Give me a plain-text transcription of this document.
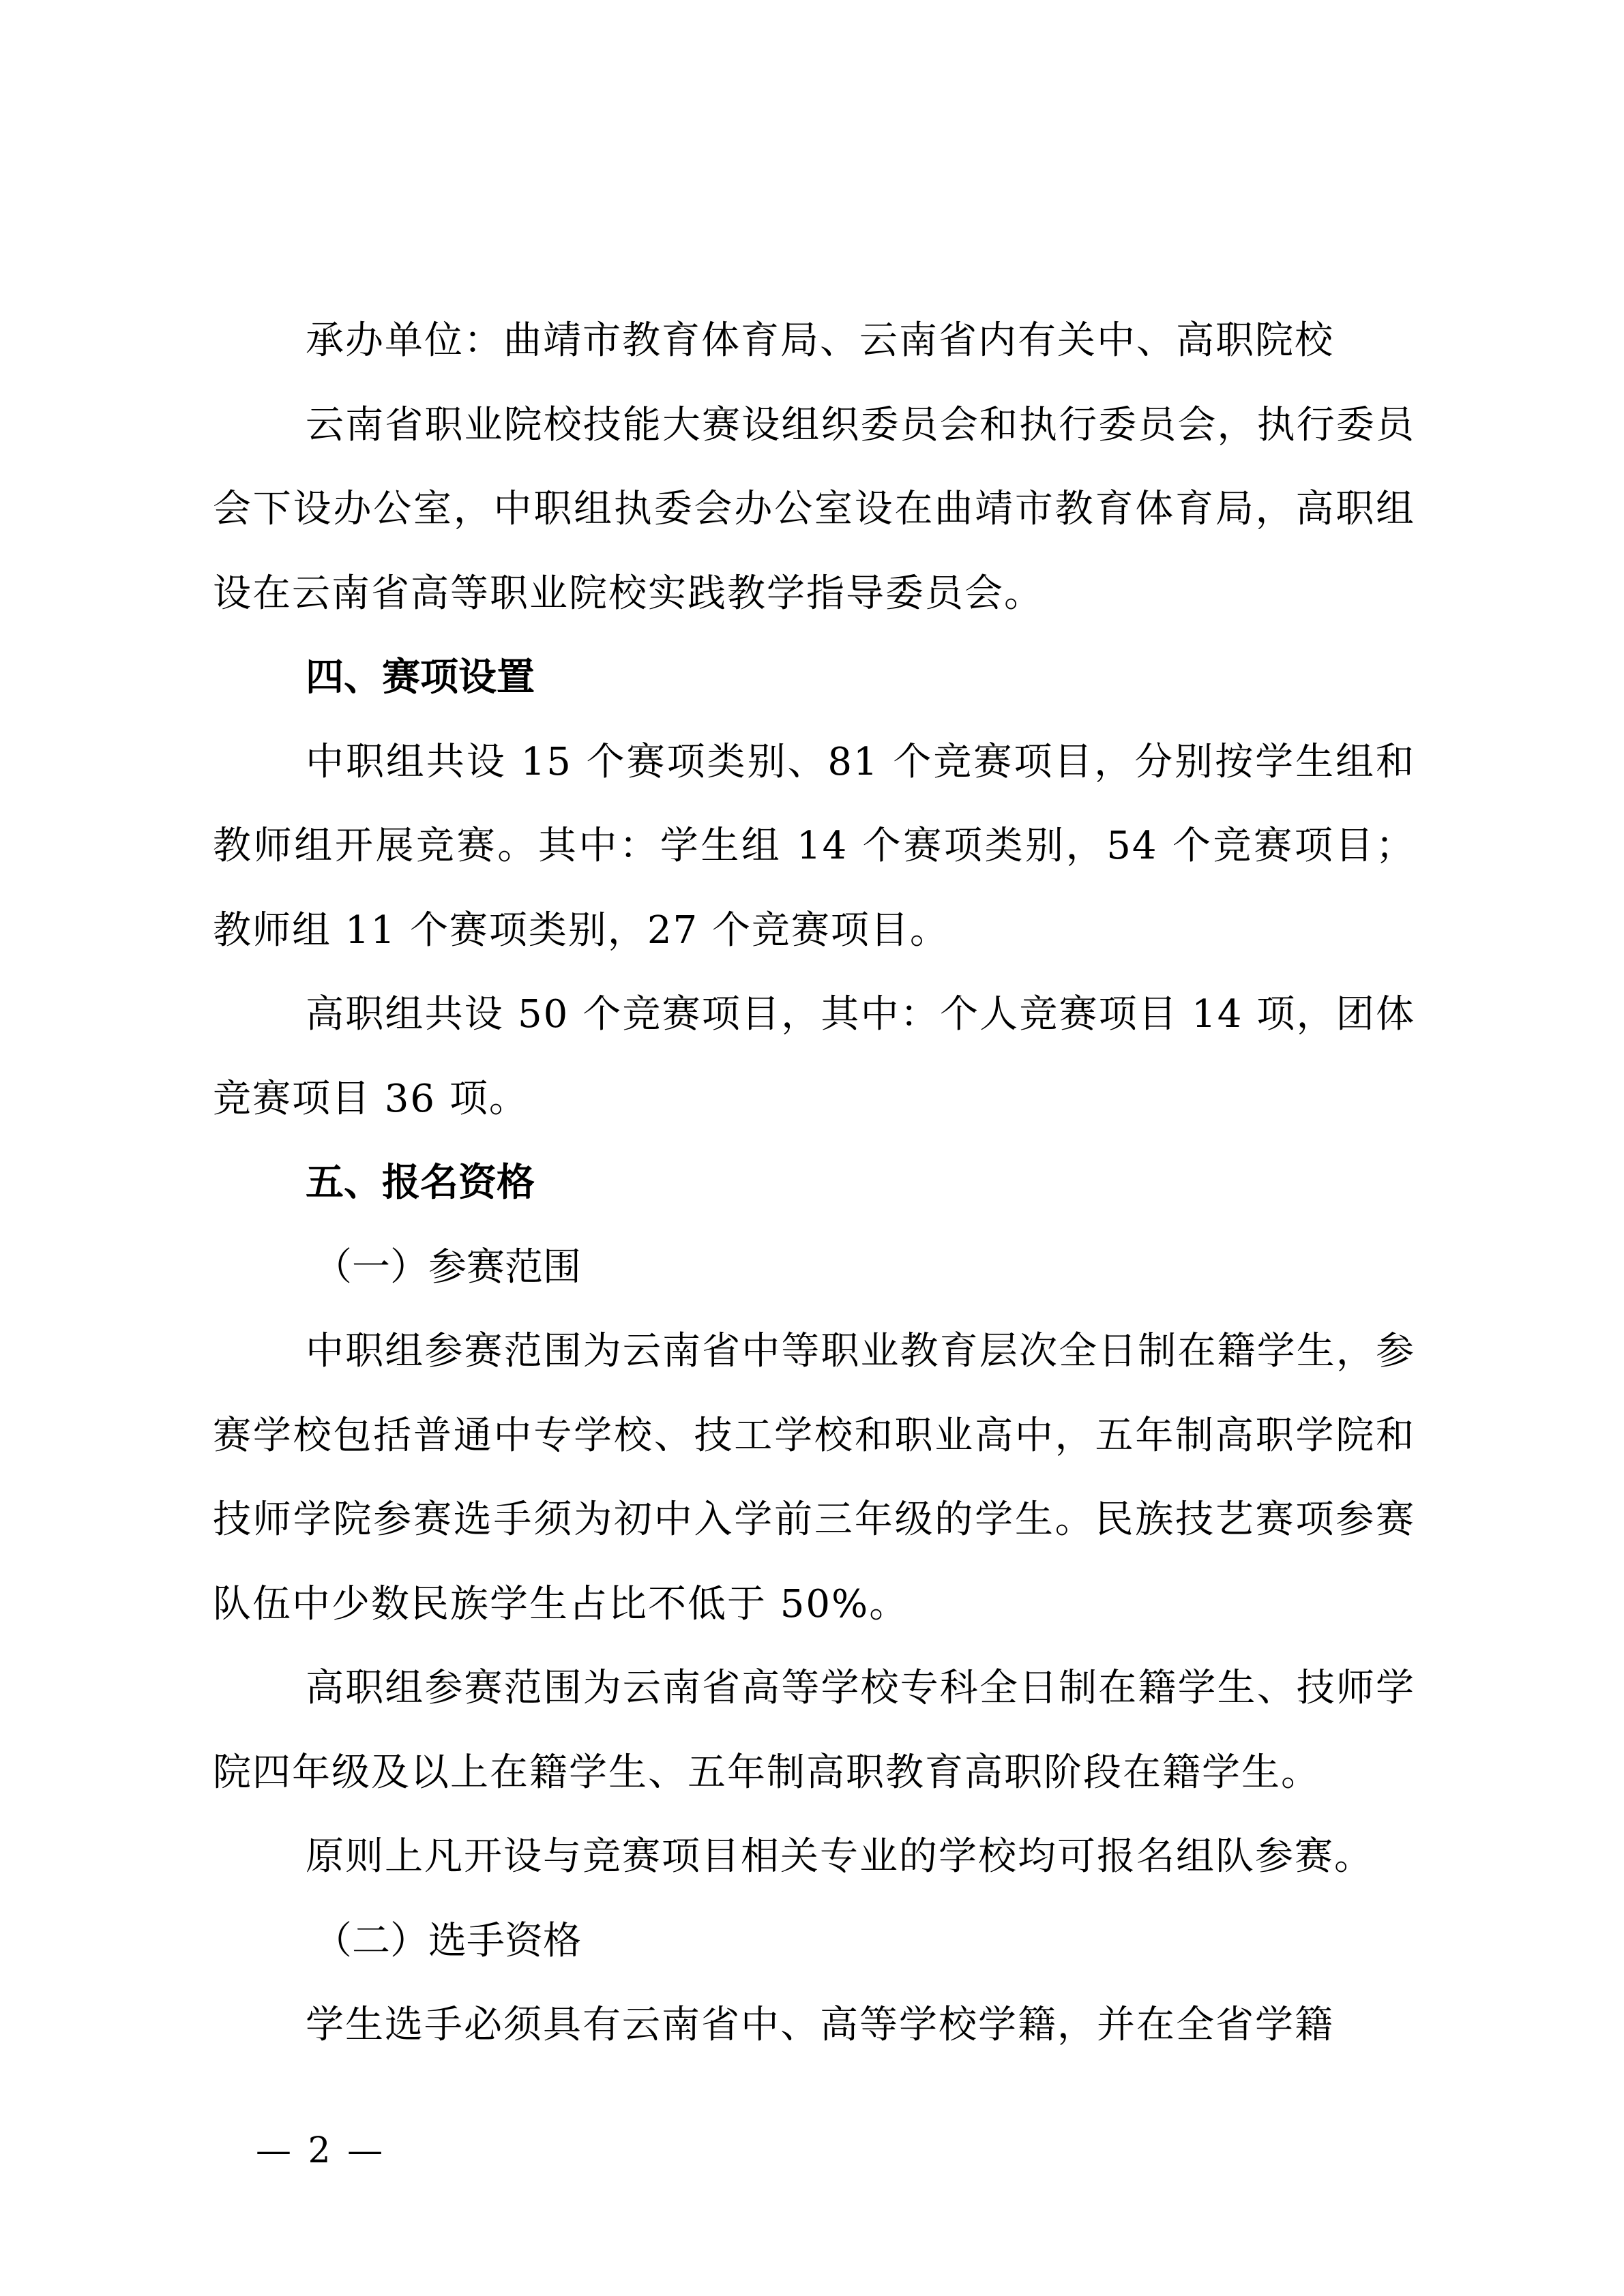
承办单位：曲靖市教育体育局、云南省内有关中、高职院校

云南省职业院校技能大赛设组织委员会和执行委员会，执行委员会下设办公室，中职组执委会办公室设在曲靖市教育体育局，高职组设在云南省高等职业院校实践教学指导委员会。

四、赛项设置

中职组共设 15 个赛项类别、81 个竞赛项目，分别按学生组和教师组开展竞赛。其中：学生组 14 个赛项类别，54 个竞赛项目；教师组 11 个赛项类别，27 个竞赛项目。

高职组共设 50 个竞赛项目，其中：个人竞赛项目 14 项，团体竞赛项目 36 项。

五、报名资格

（一）参赛范围

中职组参赛范围为云南省中等职业教育层次全日制在籍学生，参赛学校包括普通中专学校、技工学校和职业高中，五年制高职学院和技师学院参赛选手须为初中入学前三年级的学生。民族技艺赛项参赛队伍中少数民族学生占比不低于 50%。

高职组参赛范围为云南省高等学校专科全日制在籍学生、技师学院四年级及以上在籍学生、五年制高职教育高职阶段在籍学生。

原则上凡开设与竞赛项目相关专业的学校均可报名组队参赛。

（二）选手资格

学生选手必须具有云南省中、高等学校学籍，并在全省学籍

— 2 —
